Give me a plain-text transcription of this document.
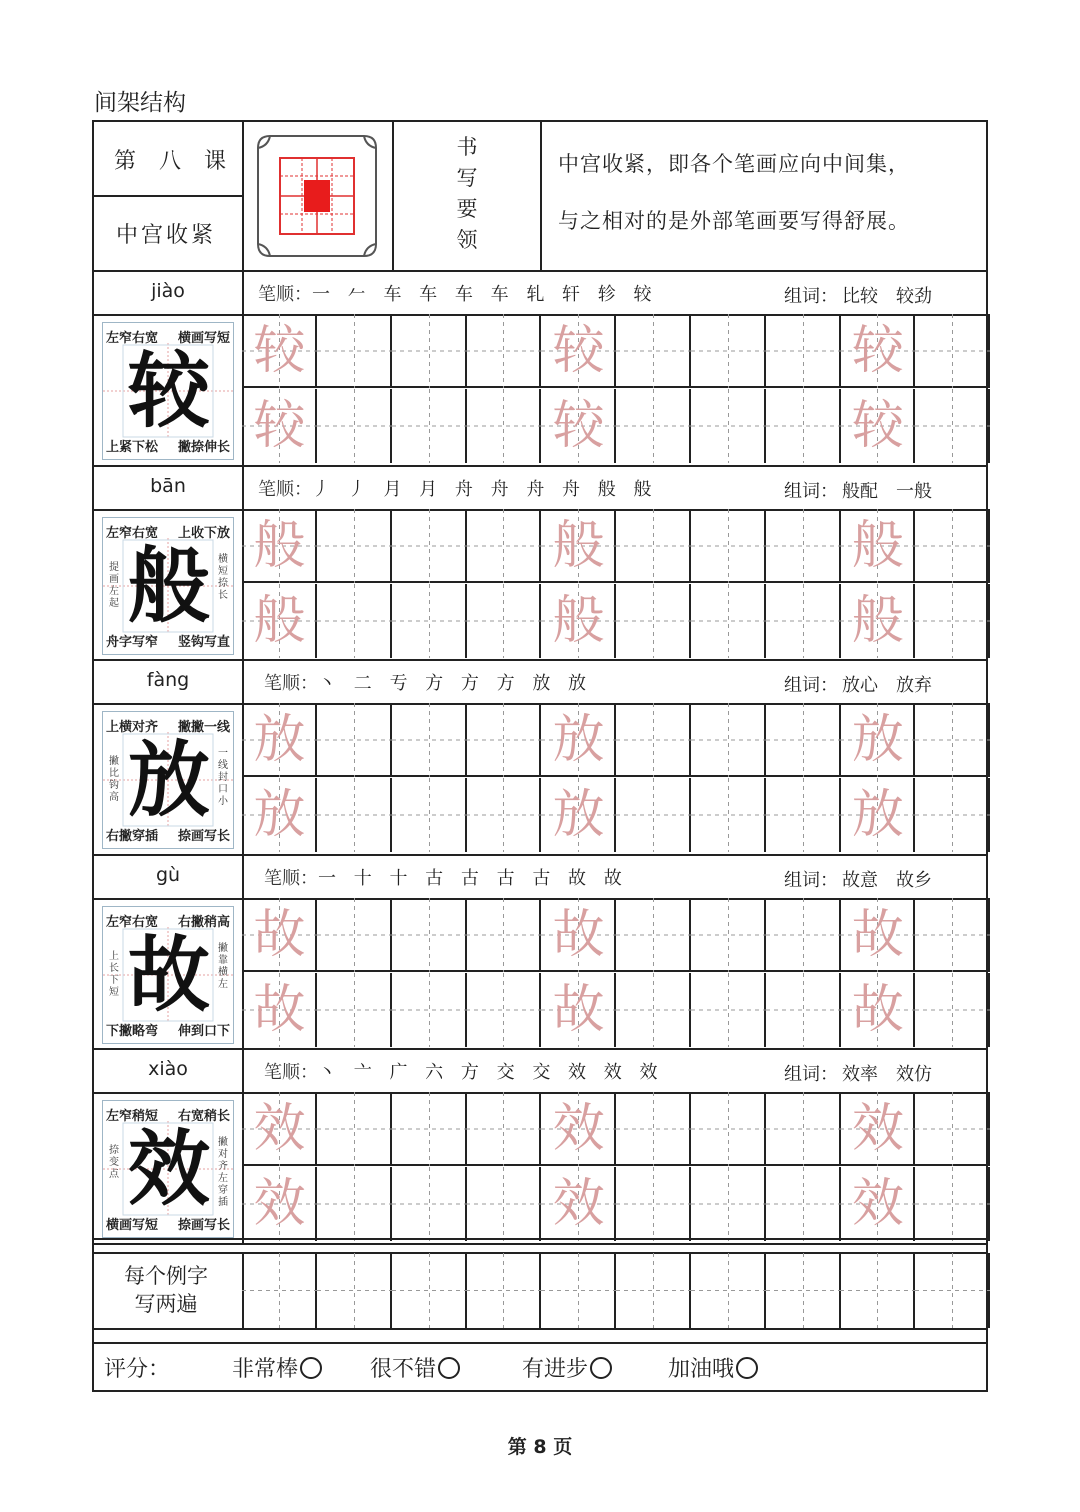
间架结构
第 八 课
中宫收紧
书
写
要
领
中宫收紧，即各个笔画应向中间集，
与之相对的是外部笔画要写得舒展。
jiào	笔顺：一 𠂉 车 车 车 车 轧 轩 轸 较	组词： 比较 较劲
左窄右宽 横画写短
上紧下松 撇捺伸长
较 较	较	较
较	较	较
bān	笔顺：丿 丿 月 月 舟 舟 舟 舟 般 般	组词： 般配 一般
左窄右宽 上收下放
舟字写窄 竖钩写直
般
提画左起
横短捺长
般	般	般
般	般	般
fàng	笔顺：丶 二 亐 方 方 方 放 放	组词： 放心 放弃
上横对齐 撇撇一线
右撇穿插 捺画写长
放
撇比钩高
一线 封口小
放	放	放
放	放	放
gù	笔顺：一 十 十 古 古 古 古 故 故	组词： 故意 故乡
左窄右宽 右撇稍高
下撇略弯 伸到口下
故
上长下短
撇靠横左
故	故	故
故	故	故
xiào	笔顺：丶 亠 广 六 方 交 交 效 效 效	组词： 效率 效仿
左窄稍短 右宽稍长
横画写短 捺画写长
效
捺变点
撇对齐左穿插
效	效	效
效	效	效
每个例字
写两遍
评分：	非常棒	很不错	有进步	加油哦
第 8 页
